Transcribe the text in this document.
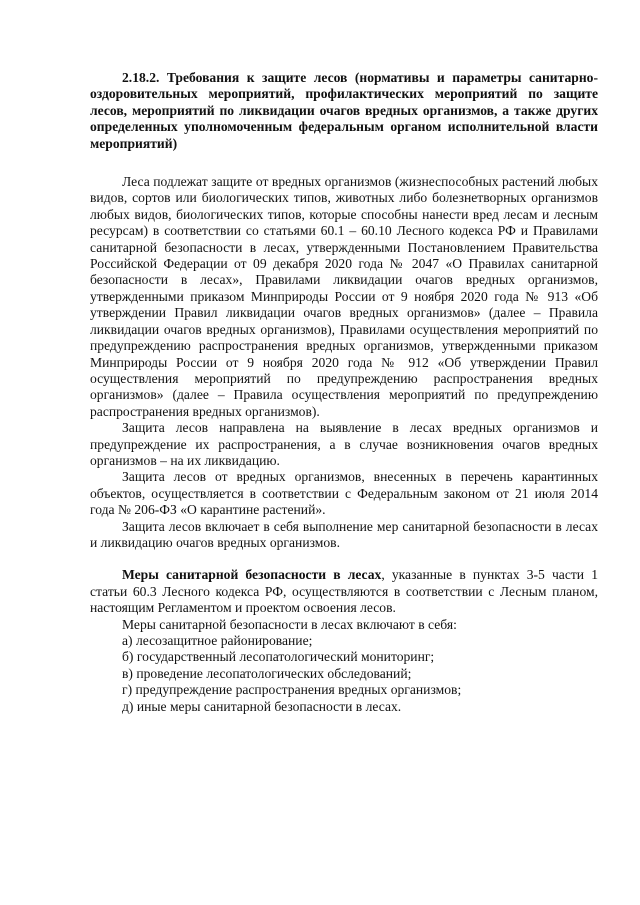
2.18.2. Требования к защите лесов (нормативы и параметры санитарно-оздоровительных мероприятий, профилактических мероприятий по защите лесов, мероприятий по ликвидации очагов вредных организмов, а также других определенных уполномоченным федеральным органом исполнительной власти мероприятий)

Леса подлежат защите от вредных организмов (жизнеспособных растений любых видов, сортов или биологических типов, животных либо болезнетворных организмов любых видов, биологических типов, которые способны нанести вред лесам и лесным ресурсам) в соответствии со статьями 60.1 – 60.10 Лесного кодекса РФ и Правилами санитарной безопасности в лесах, утвержденными Постановлением Правительства Российской Федерации от 09 декабря 2020 года № 2047 «О Правилах санитарной безопасности в лесах», Правилами ликвидации очагов вредных организмов, утвержденными приказом Минприроды России от 9 ноября 2020 года № 913 «Об утверждении Правил ликвидации очагов вредных организмов» (далее – Правила ликвидации очагов вредных организмов), Правилами осуществления мероприятий по предупреждению распространения вредных организмов, утвержденными приказом Минприроды России от 9 ноября 2020 года № 912 «Об утверждении Правил осуществления мероприятий по предупреждению распространения вредных организмов» (далее – Правила осуществления мероприятий по предупреждению распространения вредных организмов).

Защита лесов направлена на выявление в лесах вредных организмов и предупреждение их распространения, а в случае возникновения очагов вредных организмов – на их ликвидацию.

Защита лесов от вредных организмов, внесенных в перечень карантинных объектов, осуществляется в соответствии с Федеральным законом от 21 июля 2014 года № 206-ФЗ «О карантине растений».

Защита лесов включает в себя выполнение мер санитарной безопасности в лесах и ликвидацию очагов вредных организмов.

Меры санитарной безопасности в лесах, указанные в пунктах 3-5 части 1 статьи 60.3 Лесного кодекса РФ, осуществляются в соответствии с Лесным планом, настоящим Регламентом и проектом освоения лесов.

Меры санитарной безопасности в лесах включают в себя:

а) лесозащитное районирование;

б) государственный лесопатологический мониторинг;

в) проведение лесопатологических обследований;

г) предупреждение распространения вредных организмов;

д) иные меры санитарной безопасности в лесах.
